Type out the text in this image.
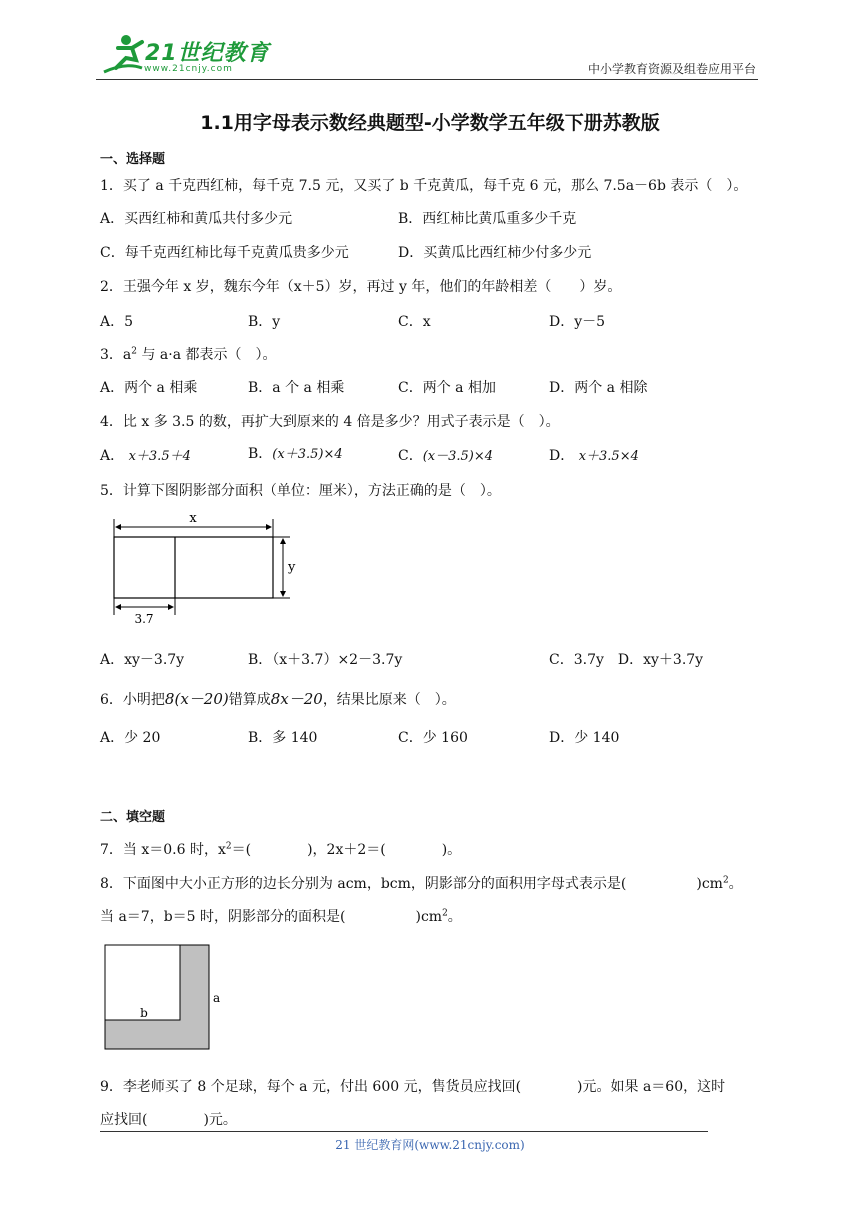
21世纪教育
www.21cnjy.com	中小学教育资源及组卷应用平台
1.1用字母表示数经典题型-小学数学五年级下册苏教版
一、选择题
1．买了 a 千克西红柿，每千克 7.5 元，又买了 b 千克黄瓜，每千克 6 元，那么 7.5a－6b 表示（　）。
A．买西红柿和黄瓜共付多少元	B．西红柿比黄瓜重多少千克
C．每千克西红柿比每千克黄瓜贵多少元	D．买黄瓜比西红柿少付多少元
2．王强今年 x 岁，魏东今年（x＋5）岁，再过 y 年，他们的年龄相差（　　）岁。
A．5	B．y	C．x	D．y－5
3．$a^2$ 与 a·a 都表示（　）。
A．两个 a 相乘	B．a 个 a 相乘	C．两个 a 相加	D．两个 a 相除
4．比 x 多 3.5 的数，再扩大到原来的 4 倍是多少？用式子表示是（　）。
A． x＋3.5＋4	B．(x＋3.5)×4	C．(x－3.5)×4	D． x＋3.5×4
5．计算下图阴影部分面积（单位：厘米），方法正确的是（　）。
x
y
3.7
A．xy－3.7y	B．（x＋3.7）×2－3.7y	C．3.7y　D．xy＋3.7y
6．小明把8(x－20)错算成8x－20，结果比原来（　）。
A．少 20	B．多 140	C．少 160	D．少 140
二、填空题
7．当 x＝0.6 时，$x^2=$(　　　　)，2x＋2＝(　　　　)。
8．下面图中大小正方形的边长分别为 acm，bcm，阴影部分的面积用字母式表示是(　　　　　)$cm^2$。
当 a＝7，b＝5 时，阴影部分的面积是(　　　　　)$cm^2$。
b
a
9．李老师买了 8 个足球，每个 a 元，付出 600 元，售货员应找回(　　　　)元。如果 a＝60，这时
应找回(　　　　)元。
21 世纪教育网(www.21cnjy.com)
